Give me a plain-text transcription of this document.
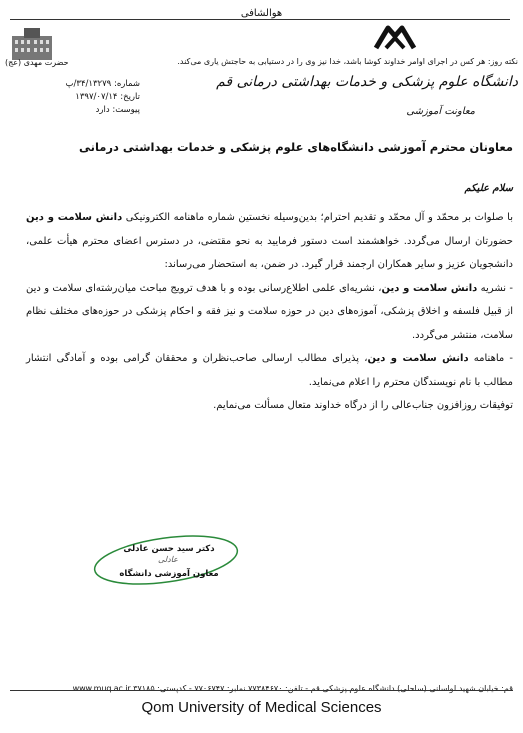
هوالشافی
نکته روز: هر کس در اجرای اوامر خداوند کوشا باشد، خدا نیز وی را در دستیابی به حاجتش یاری می‌کند.
حضرت مهدی (عج)
دانشگاه علوم پزشکی و خدمات بهداشتی درمانی قم
معاونت آموزشی
شماره: ۳۴/۱۳۲۷۹/پ
تاریخ: ۱۳۹۷/۰۷/۱۴
پیوست: دارد
معاونان محترم آموزشی دانشگاه‌های علوم پزشکی و خدمات بهداشتی درمانی
سلام علیکم

با صلوات بر محمّد و آل محمّد و تقدیم احترام؛ بدین‌وسیله نخستین شماره ماهنامه الکترونیکی دانش سلامت و دین حضورتان ارسال می‌گردد. خواهشمند است دستور فرمایید به نحو مقتضی، در دسترس اعضای محترم هیأت علمی، دانشجویان عزیز و سایر همکاران ارجمند قرار گیرد. در ضمن، به استحضار می‌رساند:

- نشریه دانش سلامت و دین، نشریه‌ای علمی اطلاع‌رسانی بوده و با هدف ترویج مباحث میان‌رشته‌ای سلامت و دین از قبیل فلسفه و اخلاق پزشکی، آموزه‌های دین در حوزه سلامت و نیز فقه و احکام پزشکی در حوزه‌های مختلف نظام سلامت، منتشر می‌گردد.

- ماهنامه دانش سلامت و دین، پذیرای مطالب ارسالی صاحب‌نظران و محققان گرامی بوده و آمادگی انتشار مطالب با نام نویسندگان محترم را اعلام می‌نماید.

توفیقات روزافزون جناب‌عالی را از درگاه خداوند متعال مسألت می‌نمایم.

دکتر سید حسن عادلی
عادلی
معاون آموزشی دانشگاه
قم: خیابان شهید لواسانی (ساحلی) دانشگاه علوم پزشکی قم - تلفن: ۷۷۳۸۴۶۷۰ نمابر: ۷۷۰۶۷۴۷ - کدپستی: ۳۷۱۸۵ www.muq.ac.ir
Qom University of Medical Sciences
